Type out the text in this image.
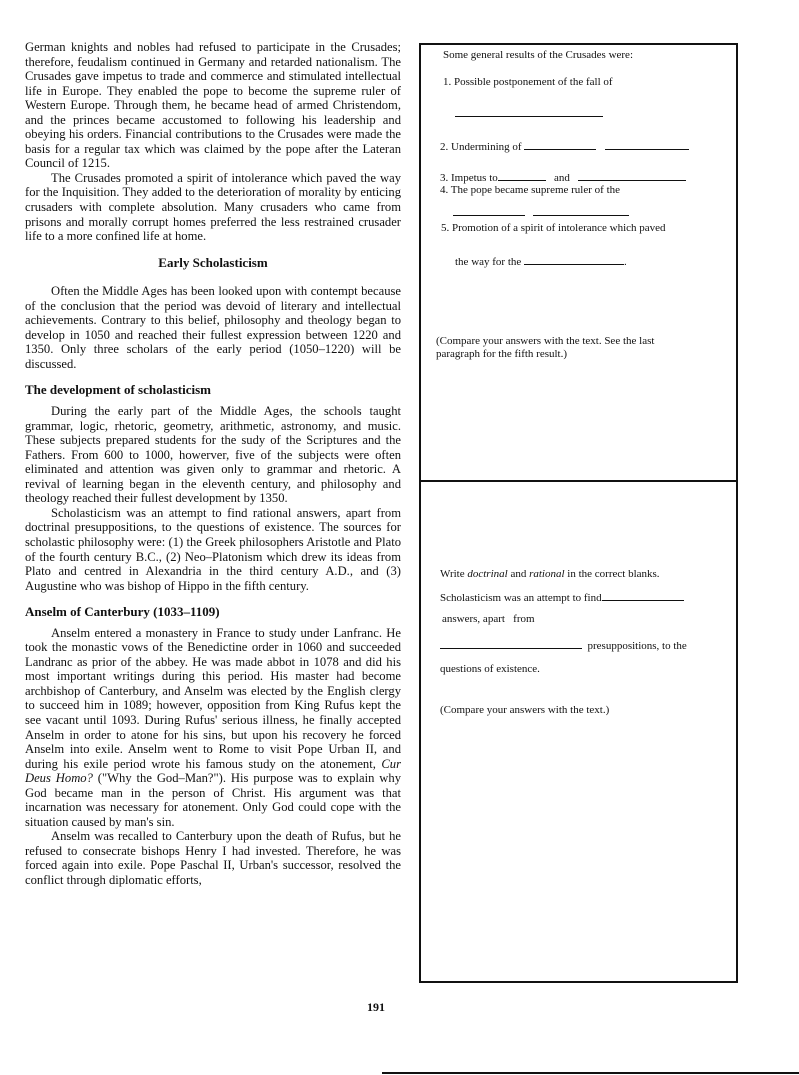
German knights and nobles had refused to participate in the Crusades; therefore, feudalism continued in Germany and retarded nationalism. The Crusades gave impetus to trade and commerce and stimulated intellectual life in Europe. They enabled the pope to become the supreme ruler of Western Europe. Through them, he became head of armed Christendom, and the princes became accustomed to following his leadership and obeying his orders. Financial contributions to the Crusades were made the basis for a regular tax which was claimed by the pope after the Lateran Council of 1215.

The Crusades promoted a spirit of intolerance which paved the way for the Inquisition. They added to the deterioration of morality by enticing crusaders with complete absolution. Many crusaders who came from prisons and morally corrupt homes preferred the less restrained crusader life to a more confined life at home.

Early Scholasticism

Often the Middle Ages has been looked upon with contempt because of the conclusion that the period was devoid of literary and intellectual achievements. Contrary to this belief, philosophy and theology began to develop in 1050 and reached their fullest expression between 1220 and 1350. Only three scholars of the early period (1050–1220) will be discussed.

The development of scholasticism

During the early part of the Middle Ages, the schools taught grammar, logic, rhetoric, geometry, arithmetic, astronomy, and music. These subjects prepared students for the sudy of the Scriptures and the Fathers. From 600 to 1000, howerver, five of the subjects were often eliminated and attention was given only to grammar and rhetoric. A revival of learning began in the eleventh century, and philosophy and theology reached their fullest development by 1350.

Scholasticism was an attempt to find rational answers, apart from doctrinal presuppositions, to the questions of existence. The sources for scholastic philosophy were: (1) the Greek philosophers Aristotle and Plato of the fourth century B.C., (2) Neo–Platonism which drew its ideas from Plato and centred in Alexandria in the third century A.D., and (3) Augustine who was bishop of Hippo in the fifth century.

Anselm of Canterbury (1033–1109)

Anselm entered a monastery in France to study under Lanfranc. He took the monastic vows of the Benedictine order in 1060 and succeeded Landranc as prior of the abbey. He was made abbot in 1078 and did his most important writings during this period. His master had become archbishop of Canterbury, and Anselm was elected by the English clergy to succeed him in 1089; however, opposition from King Rufus kept the see vacant until 1093. During Rufus' serious illness, he finally accepted Anselm in order to atone for his sins, but upon his recovery he forced Anselm into exile. Anselm went to Rome to visit Pope Urban II, and during his exile period wrote his famous study on the atonement, Cur Deus Homo? ("Why the God–Man?"). His purpose was to explain why God became man in the person of Christ. His argument was that incarnation was necessary for atonement. Only God could cope with the situation caused by man's sin.

Anselm was recalled to Canterbury upon the death of Rufus, but he refused to consecrate bishops Henry I had invested. Therefore, he was forced again into exile. Pope Paschal II, Urban's successor, resolved the conflict through diplomatic efforts,

Some general results of the Crusades were:
1. Possible postponement of the fall of
2. Undermining of
3. Impetus to	and
4. The pope became supreme ruler of the

5. Promotion of a spirit of intolerance which paved
the way for the	.
(Compare your answers with the text. See the last
paragraph for the fifth result.)
Write doctrinal and rational in the correct blanks.
Scholasticism was an attempt to find
answers, apart   from
presuppositions, to the
questions of existence.
(Compare your answers with the text.)
191
